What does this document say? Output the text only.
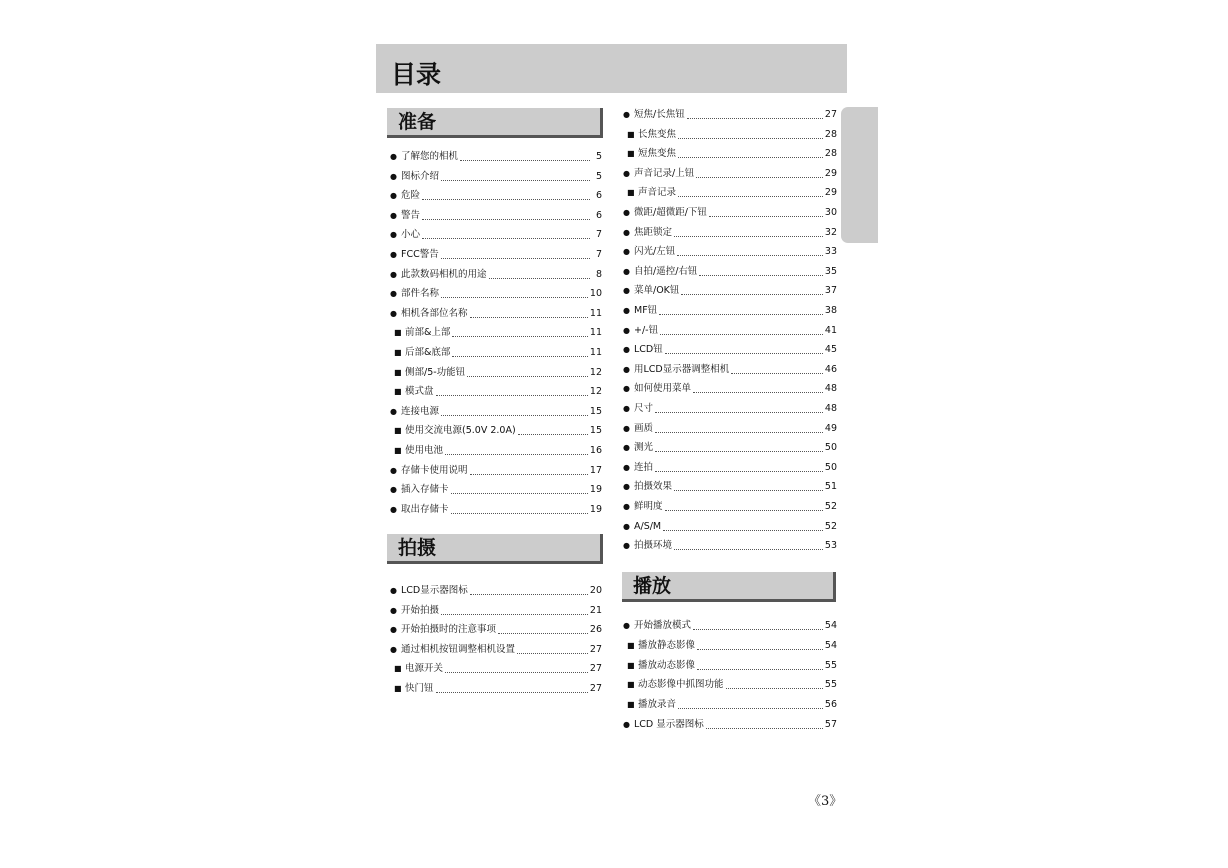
目录
准备
拍摄
播放
● 了解您的相机	5
● 图标介绍	5
● 危险	6
● 警告	6
● 小心	7
● FCC警告	7
● 此款数码相机的用途	8
● 部件名称	10
● 相机各部位名称	11
■ 前部&上部	11
■ 后部&底部	11
■ 侧部/5-功能钮	12
■ 模式盘	12
● 连接电源	15
■ 使用交流电源(5.0V 2.0A)	15
■ 使用电池	16
● 存储卡使用说明	17
● 插入存储卡	19
● 取出存储卡	19
● LCD显示器图标	20
● 开始拍摄	21
● 开始拍摄时的注意事项	26
● 通过相机按钮调整相机设置	27
■ 电源开关	27
■ 快门钮	27
● 短焦/长焦钮	27
■ 长焦变焦	28
■ 短焦变焦	28
● 声音记录/上钮	29
■ 声音记录	29
● 微距/超微距/下钮	30
● 焦距锁定	32
● 闪光/左钮	33
● 自拍/遥控/右钮	35
● 菜单/OK钮	37
● MF钮	38
● +/-钮	41
● LCD钮	45
● 用LCD显示器调整相机	46
● 如何使用菜单	48
● 尺寸	48
● 画质	49
● 测光	50
● 连拍	50
● 拍摄效果	51
● 鲜明度	52
● A/S/M	52
● 拍摄环境	53
● 开始播放模式	54
■ 播放静态影像	54
■ 播放动态影像	55
■ 动态影像中抓图功能	55
■ 播放录音	56
● LCD 显示器图标	57
《3》
